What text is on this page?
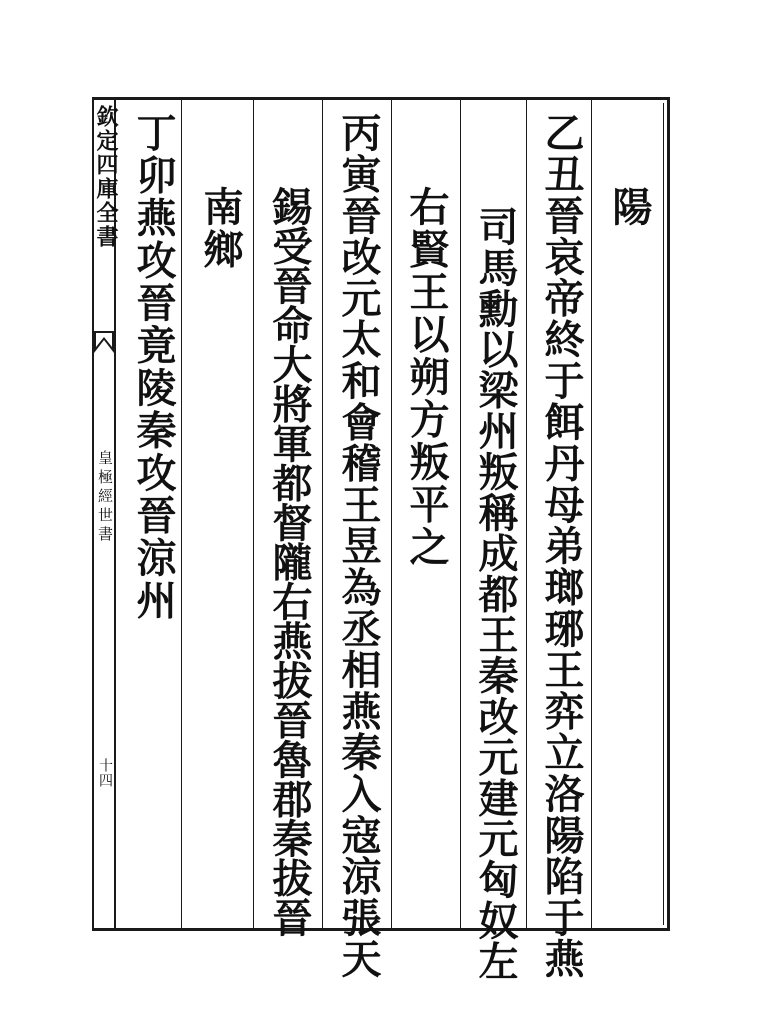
欽定四庫全書
皇極經世書
十四
陽
乙丑晉哀帝終于餌丹母弟瑯琊王弈立洛陽陷于燕
司馬勳以梁州叛稱成都王秦改元建元匈奴左
右賢王以朔方叛平之
丙寅晉改元太和會稽王昱為丞相燕秦入寇涼張天
錫受晉命大將軍都督隴右燕拔晉魯郡秦拔晉
南鄉
丁卯燕攻晉竟陵秦攻晉涼州
